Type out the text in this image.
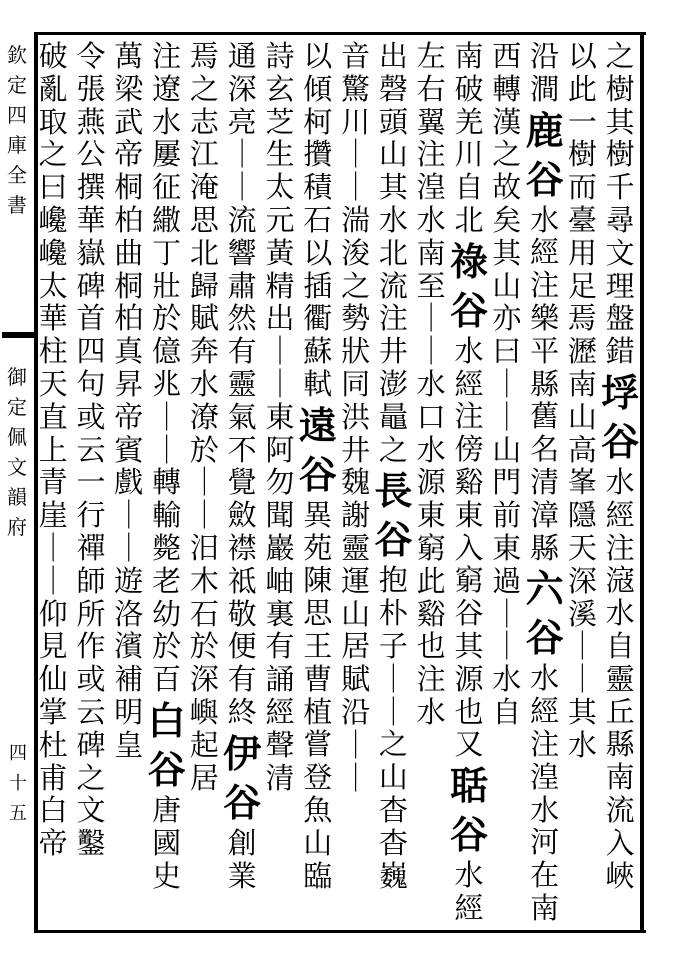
欽
定
四
庫
全
書
御
定
佩
文
韻
府
四
十
五
之
樹
其
樹
千
尋
文
理
盤
錯
垺
谷
水
經
注
滱
水
自
靈
丘
縣
南
流
入
峽
以
此
一
樹
而
臺
用
足
焉
瀝
南
山
高
峯
隱
天
深
溪
｜
｜
其
水
沿
澗
鹿
谷
水
經
注
樂
平
縣
舊
名
清
漳
縣
六
谷
水
經
注
湟
水
河
在
南
西
轉
漢
之
故
矣
其
山
亦
曰
｜
｜
山
門
前
東
過
｜
｜
水
自
南
破
羌
川
自
北
祿
谷
水
經
注
傍
谿
東
入
窮
谷
其
源
也
又
聒
谷
水
經
左
右
翼
注
湟
水
南
至
｜
｜
水
口
水
源
東
窮
此
谿
也
注
水
出
磬
頭
山
其
水
北
流
注
井
澎
鼂
之
長
谷
抱
朴
子
｜
｜
之
山
杳
杳
巍
音
驚
川
｜
｜
湍
浚
之
勢
狀
同
洪
井
魏
謝
靈
運
山
居
賦
沿
｜
｜
以
傾
柯
攢
積
石
以
插
衢
蘇
軾
遠
谷
異
苑
陳
思
王
曹
植
嘗
登
魚
山
臨
詩
玄
芝
生
太
元
黃
精
出
｜
｜
東
阿
勿
聞
巖
岫
裏
有
誦
經
聲
清
通
深
亮
｜
｜
流
響
肅
然
有
靈
氣
不
覺
斂
襟
祗
敬
便
有
終
伊
谷
創
業
焉
之
志
江
淹
思
北
歸
賦
奔
水
潦
於
｜
｜
汨
木
石
於
深
嶼
起
居
注
遼
水
屢
征
繖
丁
壯
於
億
兆
｜
｜
轉
輸
斃
老
幼
於
百
白
谷
唐
國
史
萬
梁
武
帝
桐
柏
曲
桐
柏
真
昇
帝
賓
戲
｜
｜
遊
洛
濱
補
明
皇
令
張
燕
公
撰
華
嶽
碑
首
四
句
或
云
一
行
禪
師
所
作
或
云
碑
之
文
鑿
破
亂
取
之
曰
巉
巉
太
華
柱
天
直
上
青
崖
｜
｜
仰
見
仙
掌
杜
甫
白
帝
